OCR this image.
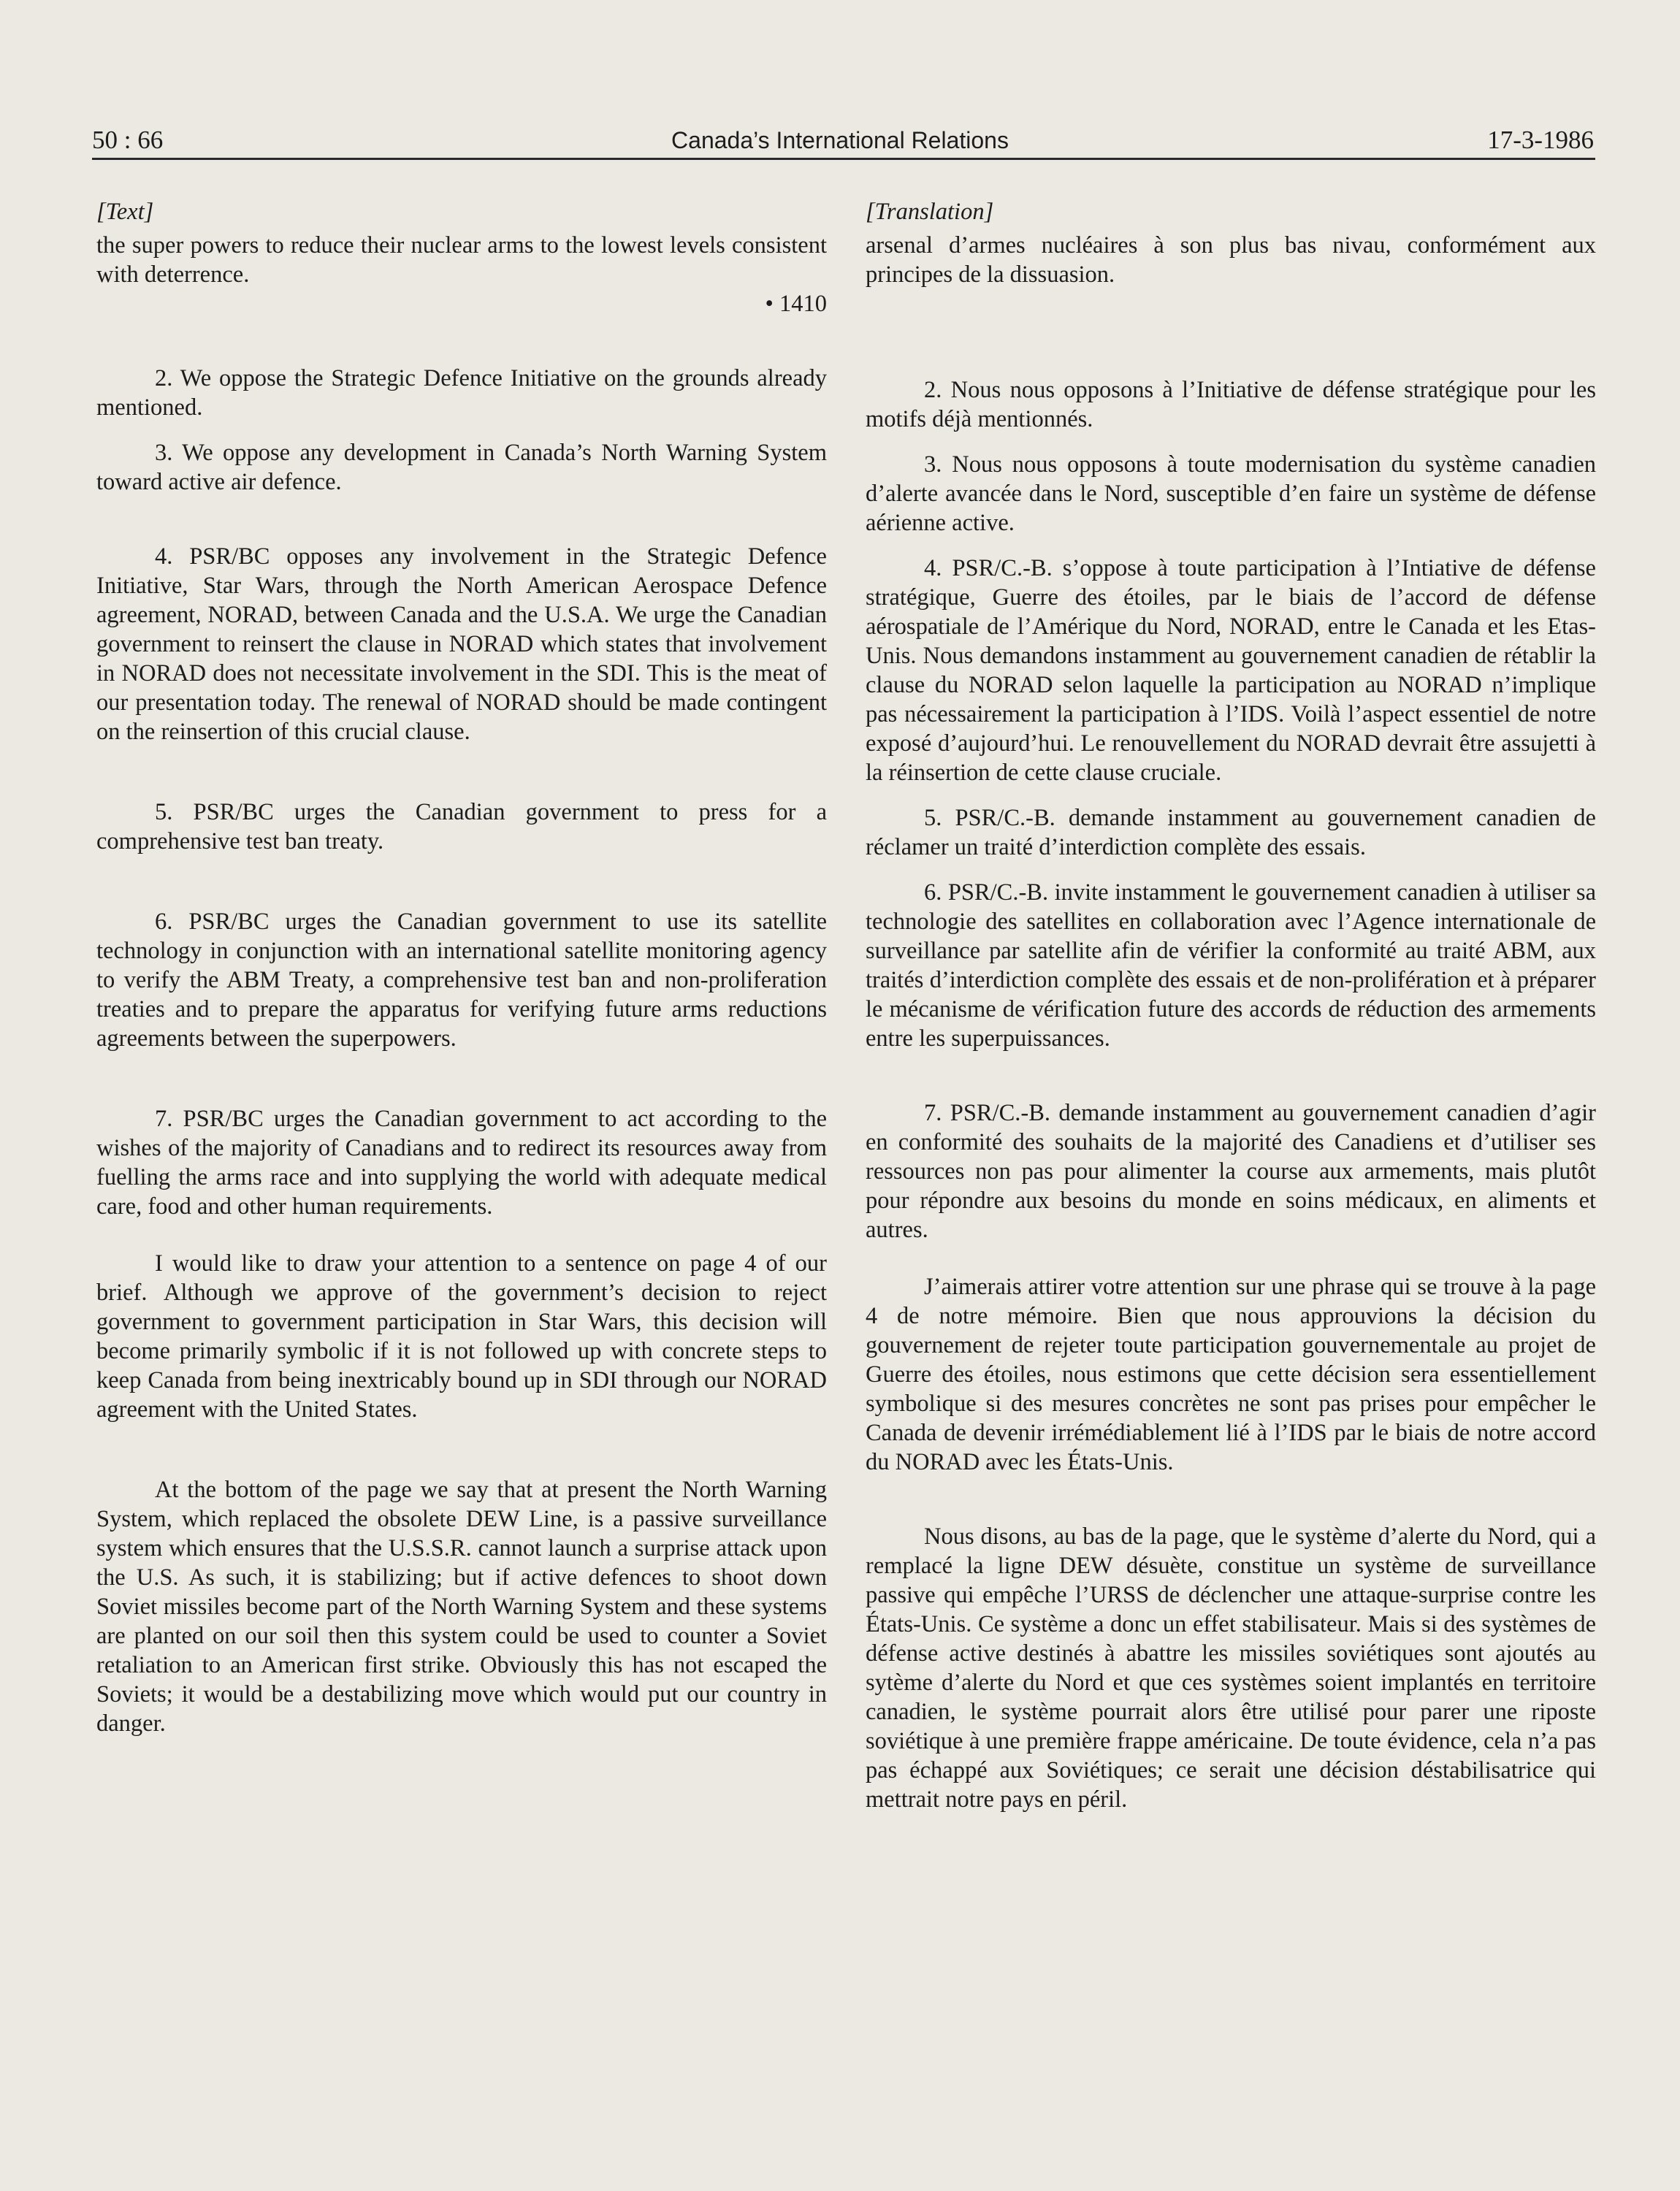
50 : 66	Canada’s International Relations	17-3-1986

[Text]

the super powers to reduce their nuclear arms to the lowest levels consistent with deterrence.

• 1410

2. We oppose the Strategic Defence Initiative on the grounds already mentioned.

3. We oppose any development in Canada’s North Warning System toward active air defence.

4. PSR/BC opposes any involvement in the Strategic Defence Initiative, Star Wars, through the North American Aerospace Defence agreement, NORAD, between Canada and the U.S.A. We urge the Canadian government to reinsert the clause in NORAD which states that involvement in NORAD does not necessitate involvement in the SDI. This is the meat of our presentation today. The renewal of NORAD should be made contingent on the reinsertion of this crucial clause.

5. PSR/BC urges the Canadian government to press for a comprehensive test ban treaty.

6. PSR/BC urges the Canadian government to use its satellite technology in conjunction with an international satellite monitoring agency to verify the ABM Treaty, a comprehensive test ban and non-proliferation treaties and to prepare the apparatus for verifying future arms reductions agreements between the superpowers.

7. PSR/BC urges the Canadian government to act according to the wishes of the majority of Canadians and to redirect its resources away from fuelling the arms race and into supplying the world with adequate medical care, food and other human requirements.

I would like to draw your attention to a sentence on page 4 of our brief. Although we approve of the government’s decision to reject government to government participation in Star Wars, this decision will become primarily symbolic if it is not followed up with concrete steps to keep Canada from being inextricably bound up in SDI through our NORAD agreement with the United States.

At the bottom of the page we say that at present the North Warning System, which replaced the obsolete DEW Line, is a passive surveillance system which ensures that the U.S.S.R. cannot launch a surprise attack upon the U.S. As such, it is stabilizing; but if active defences to shoot down Soviet missiles become part of the North Warning System and these systems are planted on our soil then this system could be used to counter a Soviet retaliation to an American first strike. Obviously this has not escaped the Soviets; it would be a destabilizing move which would put our country in danger.

[Translation]

arsenal d’armes nucléaires à son plus bas nivau, conformément aux principes de la dissuasion.

2. Nous nous opposons à l’Initiative de défense stratégique pour les motifs déjà mentionnés.

3. Nous nous opposons à toute modernisation du système canadien d’alerte avancée dans le Nord, susceptible d’en faire un système de défense aérienne active.

4. PSR/C.-B. s’oppose à toute participation à l’Intiative de défense stratégique, Guerre des étoiles, par le biais de l’accord de défense aérospatiale de l’Amérique du Nord, NORAD, entre le Canada et les Etas-Unis. Nous demandons instamment au gouvernement canadien de rétablir la clause du NORAD selon laquelle la participation au NORAD n’implique pas nécessairement la participation à l’IDS. Voilà l’aspect essentiel de notre exposé d’aujourd’hui. Le renouvellement du NORAD devrait être assujetti à la réinsertion de cette clause cruciale.

5. PSR/C.-B. demande instamment au gouvernement canadien de réclamer un traité d’interdiction complète des essais.

6. PSR/C.-B. invite instamment le gouvernement canadien à utiliser sa technologie des satellites en collaboration avec l’Agence internationale de surveillance par satellite afin de vérifier la conformité au traité ABM, aux traités d’interdiction complète des essais et de non-prolifération et à préparer le mécanisme de vérification future des accords de réduction des armements entre les superpuissances.

7. PSR/C.-B. demande instamment au gouvernement canadien d’agir en conformité des souhaits de la majorité des Canadiens et d’utiliser ses ressources non pas pour alimenter la course aux armements, mais plutôt pour répondre aux besoins du monde en soins médicaux, en aliments et autres.

J’aimerais attirer votre attention sur une phrase qui se trouve à la page 4 de notre mémoire. Bien que nous approuvions la décision du gouvernement de rejeter toute participation gouvernementale au projet de Guerre des étoiles, nous estimons que cette décision sera essentiellement symbolique si des mesures concrètes ne sont pas prises pour empêcher le Canada de devenir irrémédiablement lié à l’IDS par le biais de notre accord du NORAD avec les États-Unis.

Nous disons, au bas de la page, que le système d’alerte du Nord, qui a remplacé la ligne DEW désuète, constitue un système de surveillance passive qui empêche l’URSS de déclencher une attaque-surprise contre les États-Unis. Ce système a donc un effet stabilisateur. Mais si des systèmes de défense active destinés à abattre les missiles soviétiques sont ajoutés au sytème d’alerte du Nord et que ces systèmes soient implantés en territoire canadien, le système pourrait alors être utilisé pour parer une riposte soviétique à une première frappe américaine. De toute évidence, cela n’a pas pas échappé aux Soviétiques; ce serait une décision déstabilisatrice qui mettrait notre pays en péril.
